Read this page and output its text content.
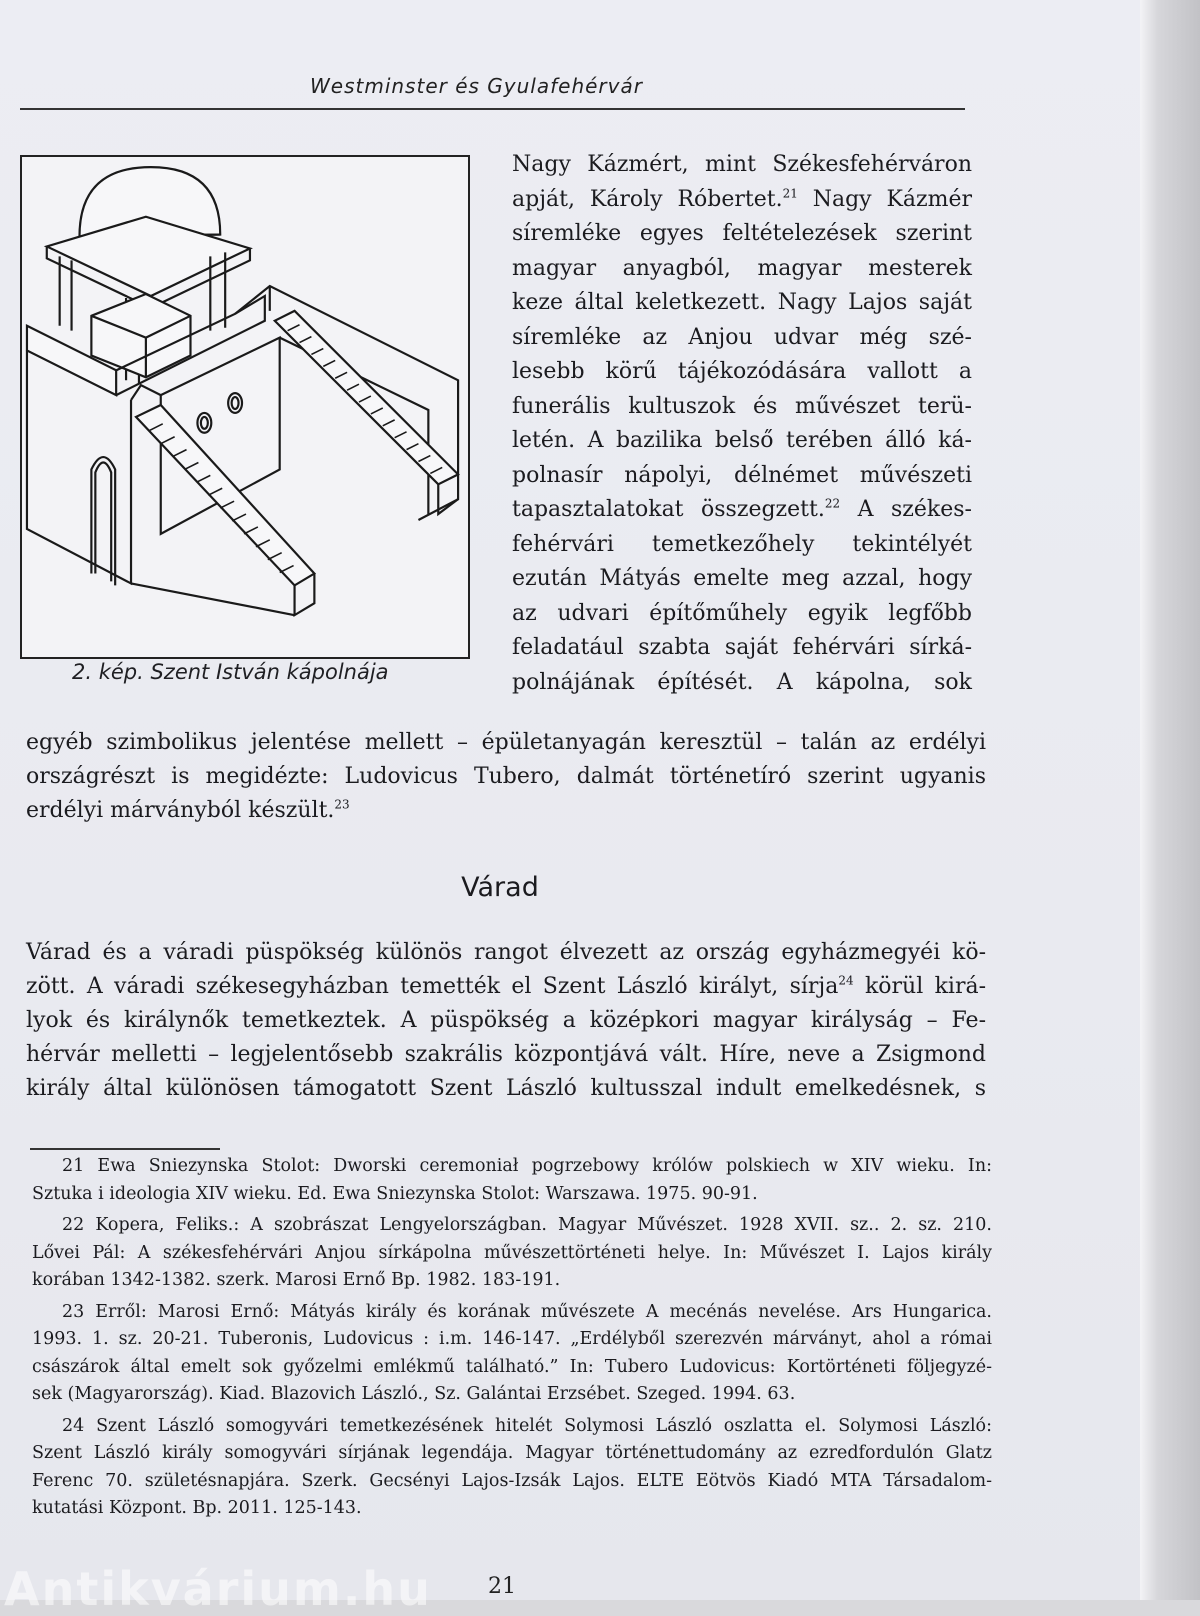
Westminster és Gyulafehérvár
2. kép. Szent István kápolnája
Nagy Kázmért, mint Székesfehérváron
apját, Károly Róbertet.$^{21}$ Nagy Kázmér
síremléke egyes feltételezések szerint
magyar anyagból, magyar mesterek
keze által keletkezett. Nagy Lajos saját
síremléke az Anjou udvar még szé-
lesebb körű tájékozódására vallott a
funerális kultuszok és művészet terü-
letén. A bazilika belső terében álló ká-
polnasír nápolyi, délnémet művészeti
tapasztalatokat összegzett.$^{22}$ A székes-
fehérvári temetkezőhely tekintélyét
ezután Mátyás emelte meg azzal, hogy
az udvari építőműhely egyik legfőbb
feladatául szabta saját fehérvári sírká-
polnájának építését. A kápolna, sok
egyéb szimbolikus jelentése mellett – épületanyagán keresztül – talán az erdélyi
országrészt is megidézte: Ludovicus Tubero, dalmát történetíró szerint ugyanis
erdélyi márványból készült.$^{23}$
Várad
Várad és a váradi püspökség különös rangot élvezett az ország egyházmegyéi kö-
zött. A váradi székesegyházban temették el Szent László királyt, sírja$^{24}$ körül kirá-
lyok és királynők temetkeztek. A püspökség a középkori magyar királyság – Fe-
hérvár melletti – legjelentősebb szakrális központjává vált. Híre, neve a Zsigmond
király által különösen támogatott Szent László kultusszal indult emelkedésnek, s
21 Ewa Sniezynska Stolot: Dworski ceremoniał pogrzebowy królów polskiech w XIV wieku. In:
Sztuka i ideologia XIV wieku. Ed. Ewa Sniezynska Stolot: Warszawa. 1975. 90-91.
22 Kopera, Feliks.: A szobrászat Lengyelországban. Magyar Művészet. 1928 XVII. sz.. 2. sz. 210.
Lővei Pál: A székesfehérvári Anjou sírkápolna művészettörténeti helye. In: Művészet I. Lajos király
korában 1342-1382. szerk. Marosi Ernő Bp. 1982. 183-191.
23 Erről: Marosi Ernő: Mátyás király és korának művészete A mecénás nevelése. Ars Hungarica.
1993. 1. sz. 20-21. Tuberonis, Ludovicus : i.m. 146-147. „Erdélyből szerezvén márványt, ahol a római
császárok által emelt sok győzelmi emlékmű található.” In: Tubero Ludovicus: Kortörténeti följegyzé-
sek (Magyarország). Kiad. Blazovich László., Sz. Galántai Erzsébet. Szeged. 1994. 63.
24 Szent László somogyvári temetkezésének hitelét Solymosi László oszlatta el. Solymosi László:
Szent László király somogyvári sírjának legendája. Magyar történettudomány az ezredfordulón Glatz
Ferenc 70. születésnapjára. Szerk. Gecsényi Lajos-Izsák Lajos. ELTE Eötvös Kiadó MTA Társadalom-
kutatási Központ. Bp. 2011. 125-143.
Antikvárium.hu	21
